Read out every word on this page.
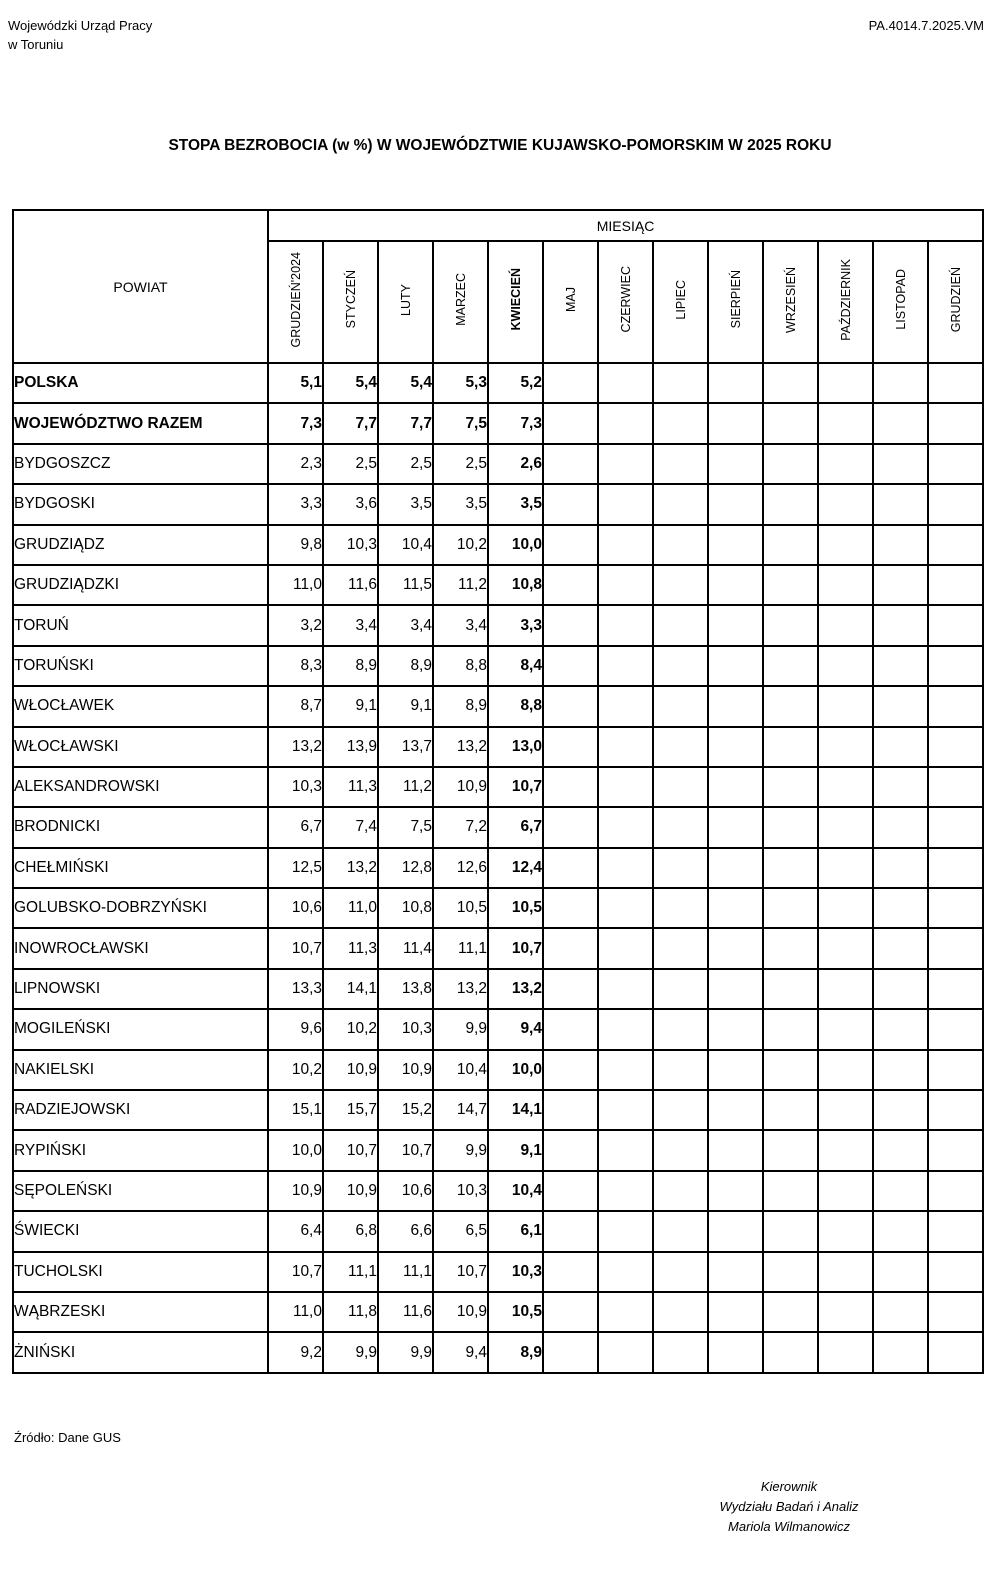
Wojewódzki Urząd Pracy
w Toruniu
PA.4014.7.2025.VM
STOPA BEZROBOCIA (w %) W WOJEWÓDZTWIE KUJAWSKO-POMORSKIM W 2025 ROKU
POWIAT	MIESIĄC												
	GRUDZIEŃ'2024	STYCZEŃ	LUTY	MARZEC	KWIECIEŃ	MAJ	CZERWIEC	LIPIEC	SIERPIEŃ	WRZESIEŃ	PAŹDZIERNIK	LISTOPAD	GRUDZIEŃ
POLSKA	5,1	5,4	5,4	5,3	5,2								
WOJEWÓDZTWO RAZEM	7,3	7,7	7,7	7,5	7,3								
BYDGOSZCZ	2,3	2,5	2,5	2,5	2,6								
BYDGOSKI	3,3	3,6	3,5	3,5	3,5								
GRUDZIĄDZ	9,8	10,3	10,4	10,2	10,0								
GRUDZIĄDZKI	11,0	11,6	11,5	11,2	10,8								
TORUŃ	3,2	3,4	3,4	3,4	3,3								
TORUŃSKI	8,3	8,9	8,9	8,8	8,4								
WŁOCŁAWEK	8,7	9,1	9,1	8,9	8,8								
WŁOCŁAWSKI	13,2	13,9	13,7	13,2	13,0								
ALEKSANDROWSKI	10,3	11,3	11,2	10,9	10,7								
BRODNICKI	6,7	7,4	7,5	7,2	6,7								
CHEŁMIŃSKI	12,5	13,2	12,8	12,6	12,4								
GOLUBSKO-DOBRZYŃSKI	10,6	11,0	10,8	10,5	10,5								
INOWROCŁAWSKI	10,7	11,3	11,4	11,1	10,7								
LIPNOWSKI	13,3	14,1	13,8	13,2	13,2								
MOGILEŃSKI	9,6	10,2	10,3	9,9	9,4								
NAKIELSKI	10,2	10,9	10,9	10,4	10,0								
RADZIEJOWSKI	15,1	15,7	15,2	14,7	14,1								
RYPIŃSKI	10,0	10,7	10,7	9,9	9,1								
SĘPOLEŃSKI	10,9	10,9	10,6	10,3	10,4								
ŚWIECKI	6,4	6,8	6,6	6,5	6,1								
TUCHOLSKI	10,7	11,1	11,1	10,7	10,3								
WĄBRZESKI	11,0	11,8	11,6	10,9	10,5								
ŻNIŃSKI	9,2	9,9	9,9	9,4	8,9								
Źródło: Dane GUS
Kierownik
Wydziału Badań i Analiz
Mariola Wilmanowicz
